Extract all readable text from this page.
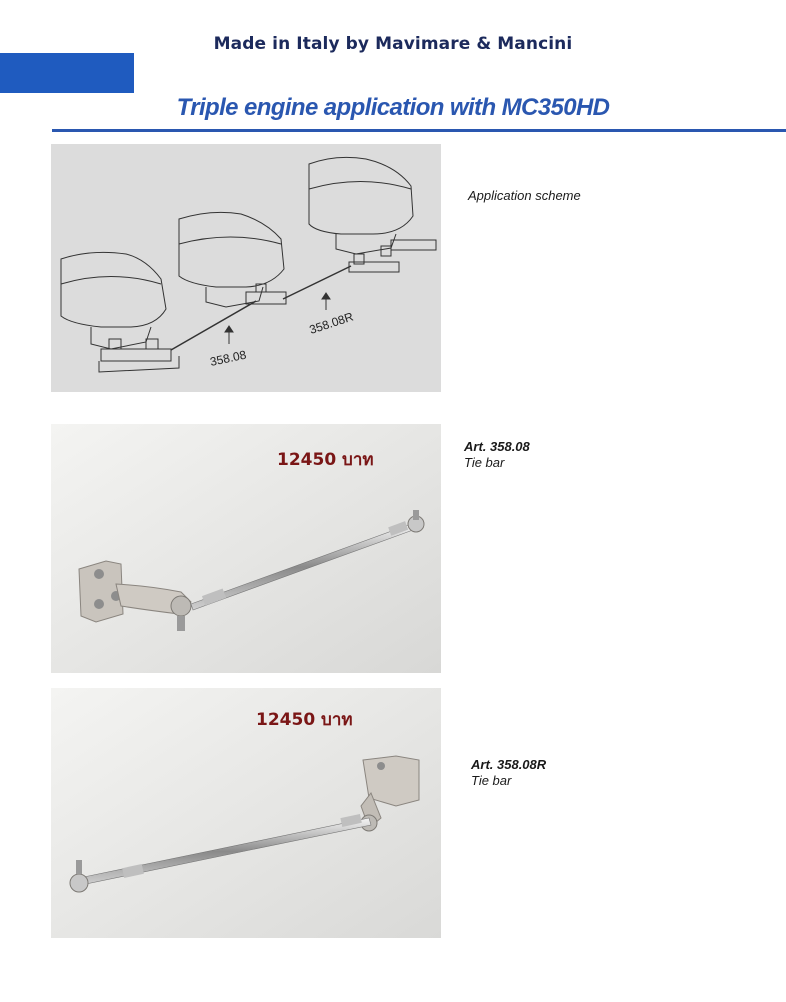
Made in Italy by Mavimare & Mancini
Triple engine application with MC350HD
358.08
358.08R
Application scheme
12450 บาท
Art. 358.08
Tie bar
12450 บาท
Art. 358.08R
Tie bar
